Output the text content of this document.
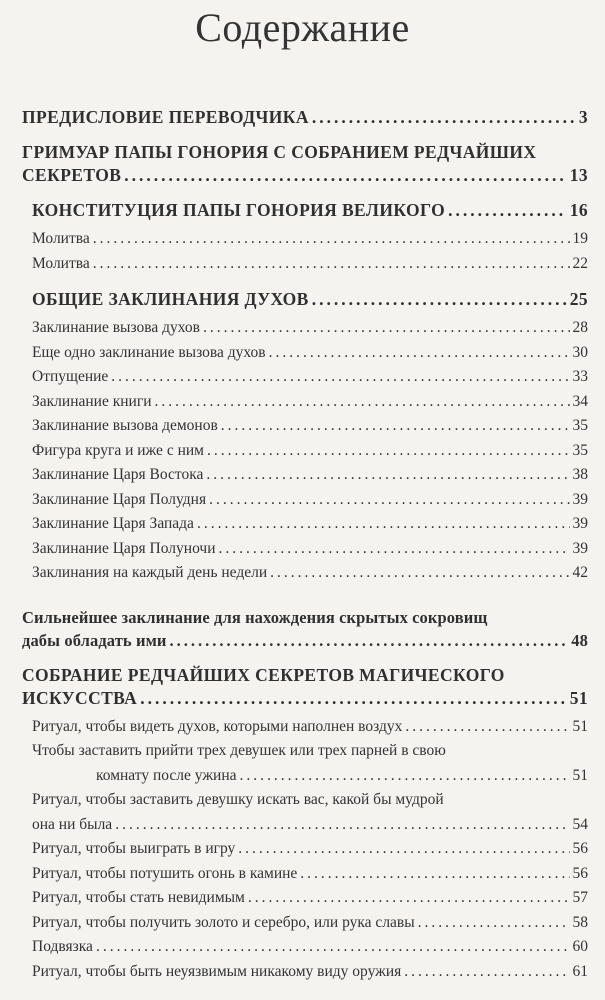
Содержание
ПРЕДИСЛОВИЕ ПЕРЕВОДЧИКА .....	3
ГРИМУАР ПАПЫ ГОНОРИЯ С СОБРАНИЕМ РЕДЧАЙШИХ
СЕКРЕТОВ .....	13
КОНСТИТУЦИЯ ПАПЫ ГОНОРИЯ ВЕЛИКОГО .....	16
Молитва .....	19
Молитва .....	22
ОБЩИЕ ЗАКЛИНАНИЯ ДУХОВ .....	25
Заклинание вызова духов .....	28
Еще одно заклинание вызова духов .....	30
Отпущение .....	33
Заклинание книги .....	34
Заклинание вызова демонов .....	35
Фигура круга и иже с ним .....	35
Заклинание Царя Востока .....	38
Заклинание Царя Полудня .....	39
Заклинание Царя Запада .....	39
Заклинание Царя Полуночи .....	39
Заклинания на каждый день недели .....	42
Сильнейшее заклинание для нахождения скрытых сокровищ
дабы обладать ими .....	48
СОБРАНИЕ РЕДЧАЙШИХ СЕКРЕТОВ МАГИЧЕСКОГО
ИСКУССТВА .....	51
Ритуал, чтобы видеть духов, которыми наполнен воздух .....	51
Чтобы заставить прийти трех девушек или трех парней в свою
комнату после ужина .....	51
Ритуал, чтобы заставить девушку искать вас, какой бы мудрой
она ни была .....	54
Ритуал, чтобы выиграть в игру .....	56
Ритуал, чтобы потушить огонь в камине .....	56
Ритуал, чтобы стать невидимым .....	57
Ритуал, чтобы получить золото и серебро, или рука славы .....	58
Подвязка .....	60
Ритуал, чтобы быть неуязвимым никакому виду оружия .....	61
